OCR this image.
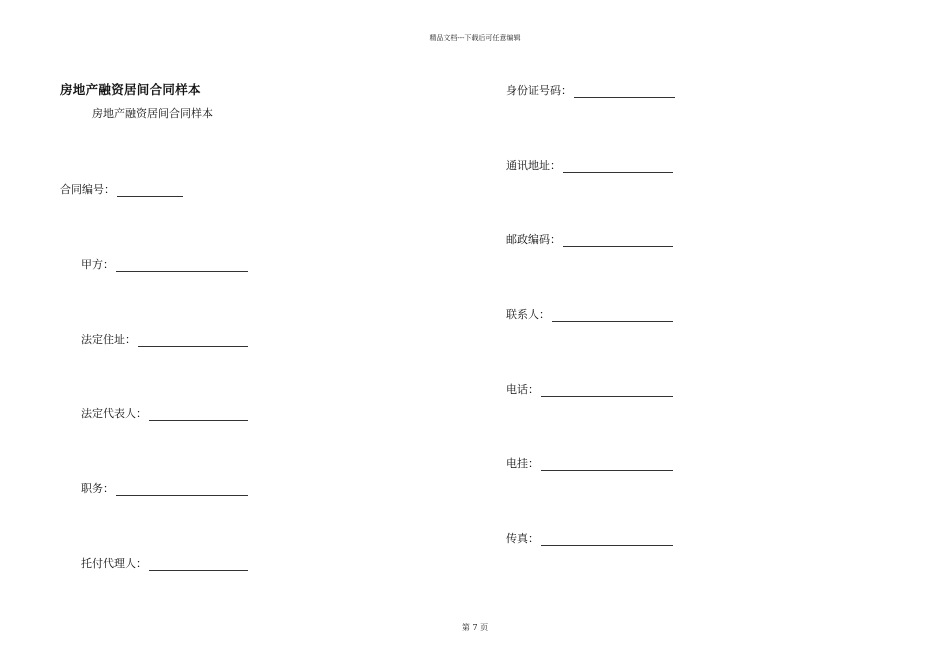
精品文档---下载后可任意编辑
房地产融资居间合同样本
房地产融资居间合同样本
合同编号：
甲方：
法定住址：
法定代表人：
职务：
托付代理人：
身份证号码：
通讯地址：
邮政编码：
联系人：
电话：
电挂：
传真：
第 7 页
